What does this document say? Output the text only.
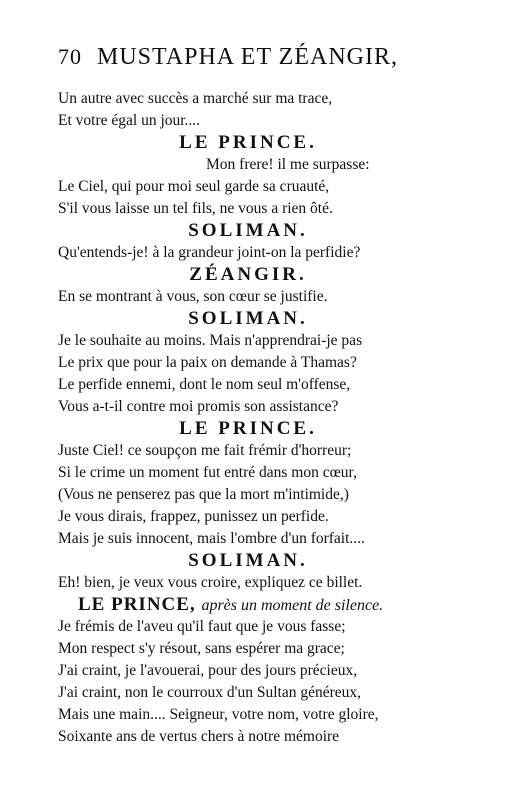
70 MUSTAPHA ET ZÉANGIR,
Un autre avec succès a marché sur ma trace,
Et votre égal un jour....
LE PRINCE.
Mon frere! il me surpasse:
Le Ciel, qui pour moi seul garde sa cruauté,
S'il vous laisse un tel fils, ne vous a rien ôté.
SOLIMAN.
Qu'entends-je! à la grandeur joint-on la perfidie?
ZÉANGIR.
En se montrant à vous, son cœur se justifie.
SOLIMAN.
Je le souhaite au moins. Mais n'apprendrai-je pas
Le prix que pour la paix on demande à Thamas?
Le perfide ennemi, dont le nom seul m'offense,
Vous a-t-il contre moi promis son assistance?
LE PRINCE.
Juste Ciel! ce soupçon me fait frémir d'horreur;
Si le crime un moment fut entré dans mon cœur,
(Vous ne penserez pas que la mort m'intimide,)
Je vous dirais, frappez, punissez un perfide.
Mais je suis innocent, mais l'ombre d'un forfait....
SOLIMAN.
Eh! bien, je veux vous croire, expliquez ce billet.
LE PRINCE, après un moment de silence.
Je frémis de l'aveu qu'il faut que je vous fasse;
Mon respect s'y résout, sans espérer ma grace;
J'ai craint, je l'avouerai, pour des jours précieux,
J'ai craint, non le courroux d'un Sultan généreux,
Mais une main.... Seigneur, votre nom, votre gloire,
Soixante ans de vertus chers à notre mémoire
